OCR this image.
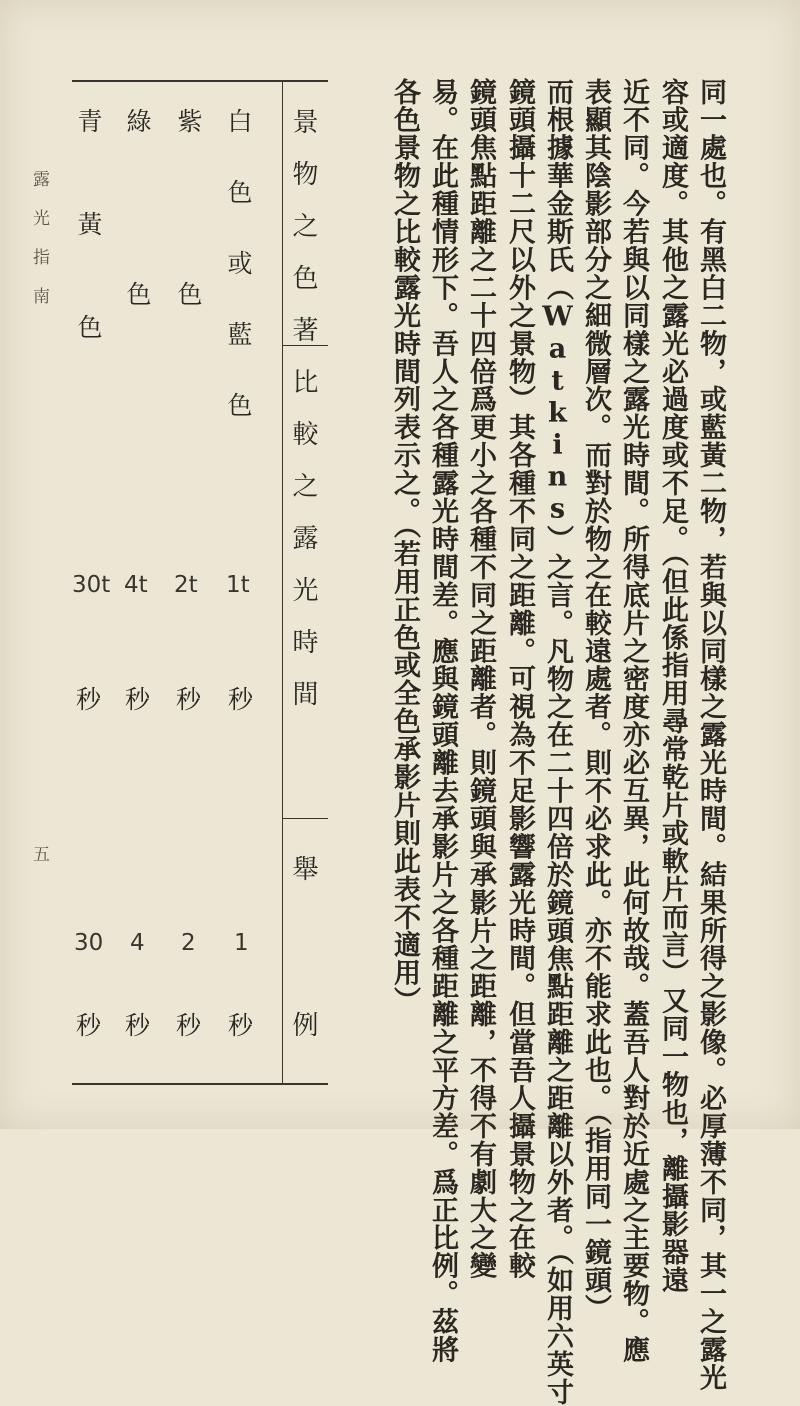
露光指南
五	同一處也。有黑白二物，或藍黃二物，若與以同樣之露光時間。結果所得之影像。必厚薄不同，其一之露光
容或適度。其他之露光必過度或不足。（但此係指用尋常乾片或軟片而言）又同一物也，離攝影器遠
近不同。今若與以同樣之露光時間。所得底片之密度亦必互異，此何故哉。蓋吾人對於近處之主要物。應
表顯其陰影部分之細微層次。而對於物之在較遠處者。則不必求此。亦不能求此也。（指用同一鏡頭）
而根據華金斯氏（Watkins）之言。凡物之在二十四倍於鏡頭焦點距離之距離以外者。（如用六英寸
鏡頭攝十二尺以外之景物）其各種不同之距離。可視為不足影響露光時間。但當吾人攝景物之在較
鏡頭焦點距離之二十四倍爲更小之各種不同之距離者。則鏡頭與承影片之距離，不得不有劇大之變
易。在此種情形下。吾人之各種露光時間差。應與鏡頭離去承影片之各種距離之平方差。爲正比例。茲將
各色景物之比較露光時間列表示之。（若用正色或全色承影片則此表不適用）
景物之色著
比較之露光時間
舉例
白色或藍色
1t
秒
1
秒
紫色
2t
秒
2
秒
綠色
4t
秒
4
秒
青黃色
30t
秒
30
秒
